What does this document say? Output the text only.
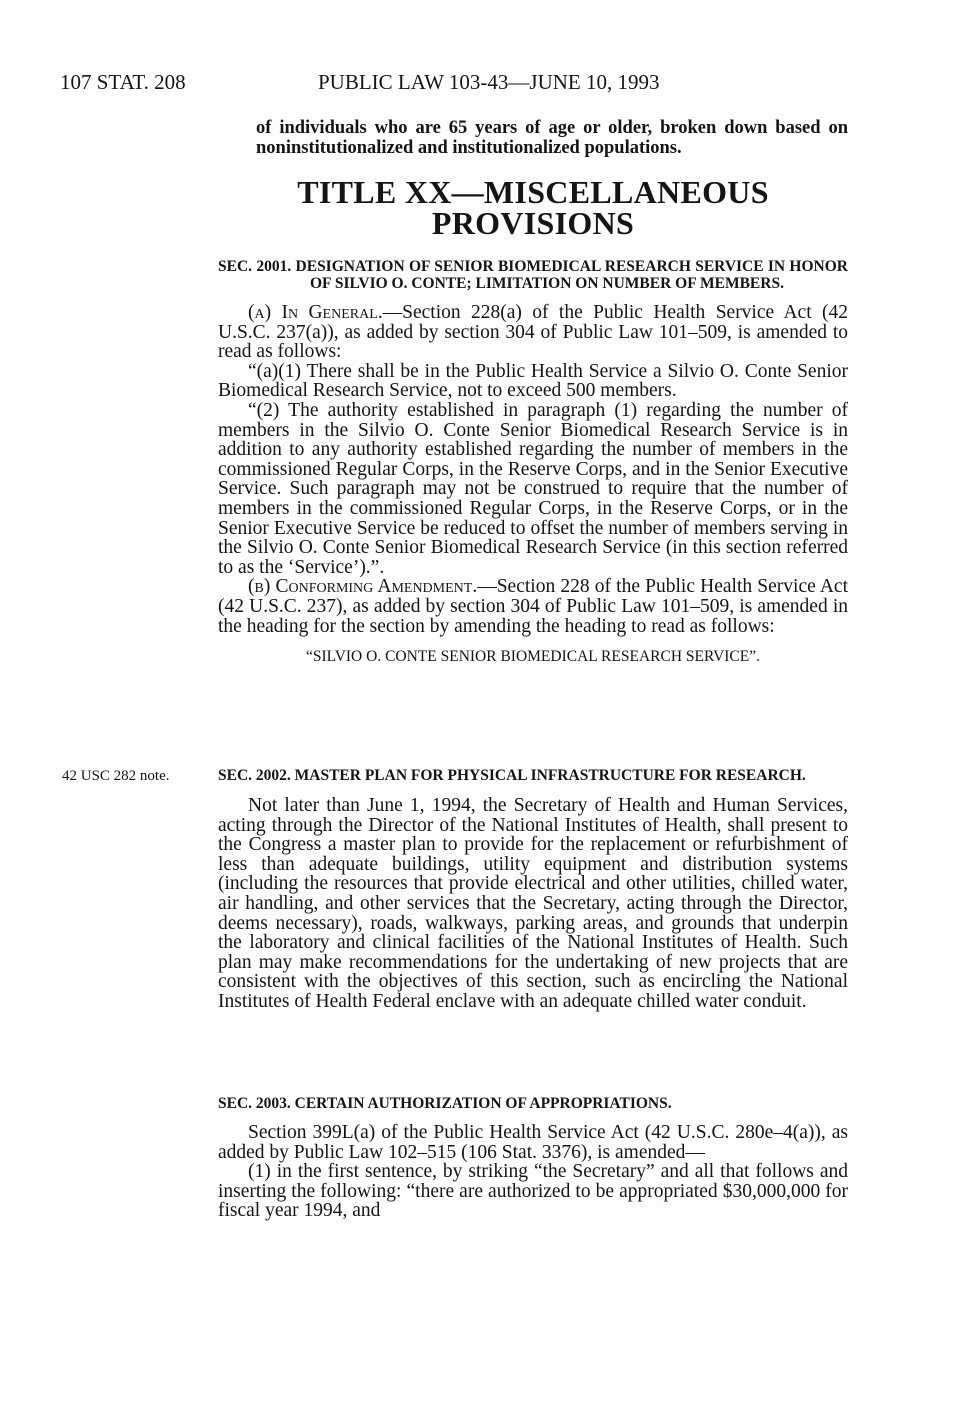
107 STAT. 208	PUBLIC LAW 103-43—JUNE 10, 1993

of individuals who are 65 years of age or older, broken down based on noninstitutionalized and institutionalized populations.

TITLE XX—MISCELLANEOUS

PROVISIONS

SEC. 2001. DESIGNATION OF SENIOR BIOMEDICAL RESEARCH SERVICE IN HONOR OF SILVIO O. CONTE; LIMITATION ON NUMBER OF MEMBERS.

(a) In General.—Section 228(a) of the Public Health Service Act (42 U.S.C. 237(a)), as added by section 304 of Public Law 101–509, is amended to read as follows:

“(a)(1) There shall be in the Public Health Service a Silvio O. Conte Senior Biomedical Research Service, not to exceed 500 members.

“(2) The authority established in paragraph (1) regarding the number of members in the Silvio O. Conte Senior Biomedical Research Service is in addition to any authority established regarding the number of members in the commissioned Regular Corps, in the Reserve Corps, and in the Senior Executive Service. Such paragraph may not be construed to require that the number of members in the commissioned Regular Corps, in the Reserve Corps, or in the Senior Executive Service be reduced to offset the number of members serving in the Silvio O. Conte Senior Biomedical Research Service (in this section referred to as the ‘Service’).”.

(b) Conforming Amendment.—Section 228 of the Public Health Service Act (42 U.S.C. 237), as added by section 304 of Public Law 101–509, is amended in the heading for the section by amending the heading to read as follows:

“SILVIO O. CONTE SENIOR BIOMEDICAL RESEARCH SERVICE”.

42 USC 282 note.	SEC. 2002. MASTER PLAN FOR PHYSICAL INFRASTRUCTURE FOR RESEARCH.

Not later than June 1, 1994, the Secretary of Health and Human Services, acting through the Director of the National Institutes of Health, shall present to the Congress a master plan to provide for the replacement or refurbishment of less than adequate buildings, utility equipment and distribution systems (including the resources that provide electrical and other utilities, chilled water, air handling, and other services that the Secretary, acting through the Director, deems necessary), roads, walkways, parking areas, and grounds that underpin the laboratory and clinical facilities of the National Institutes of Health. Such plan may make recommendations for the undertaking of new projects that are consistent with the objectives of this section, such as encircling the National Institutes of Health Federal enclave with an adequate chilled water conduit.

SEC. 2003. CERTAIN AUTHORIZATION OF APPROPRIATIONS.

Section 399L(a) of the Public Health Service Act (42 U.S.C. 280e–4(a)), as added by Public Law 102–515 (106 Stat. 3376), is amended—

(1) in the first sentence, by striking “the Secretary” and all that follows and inserting the following: “there are authorized to be appropriated $30,000,000 for fiscal year 1994, and
